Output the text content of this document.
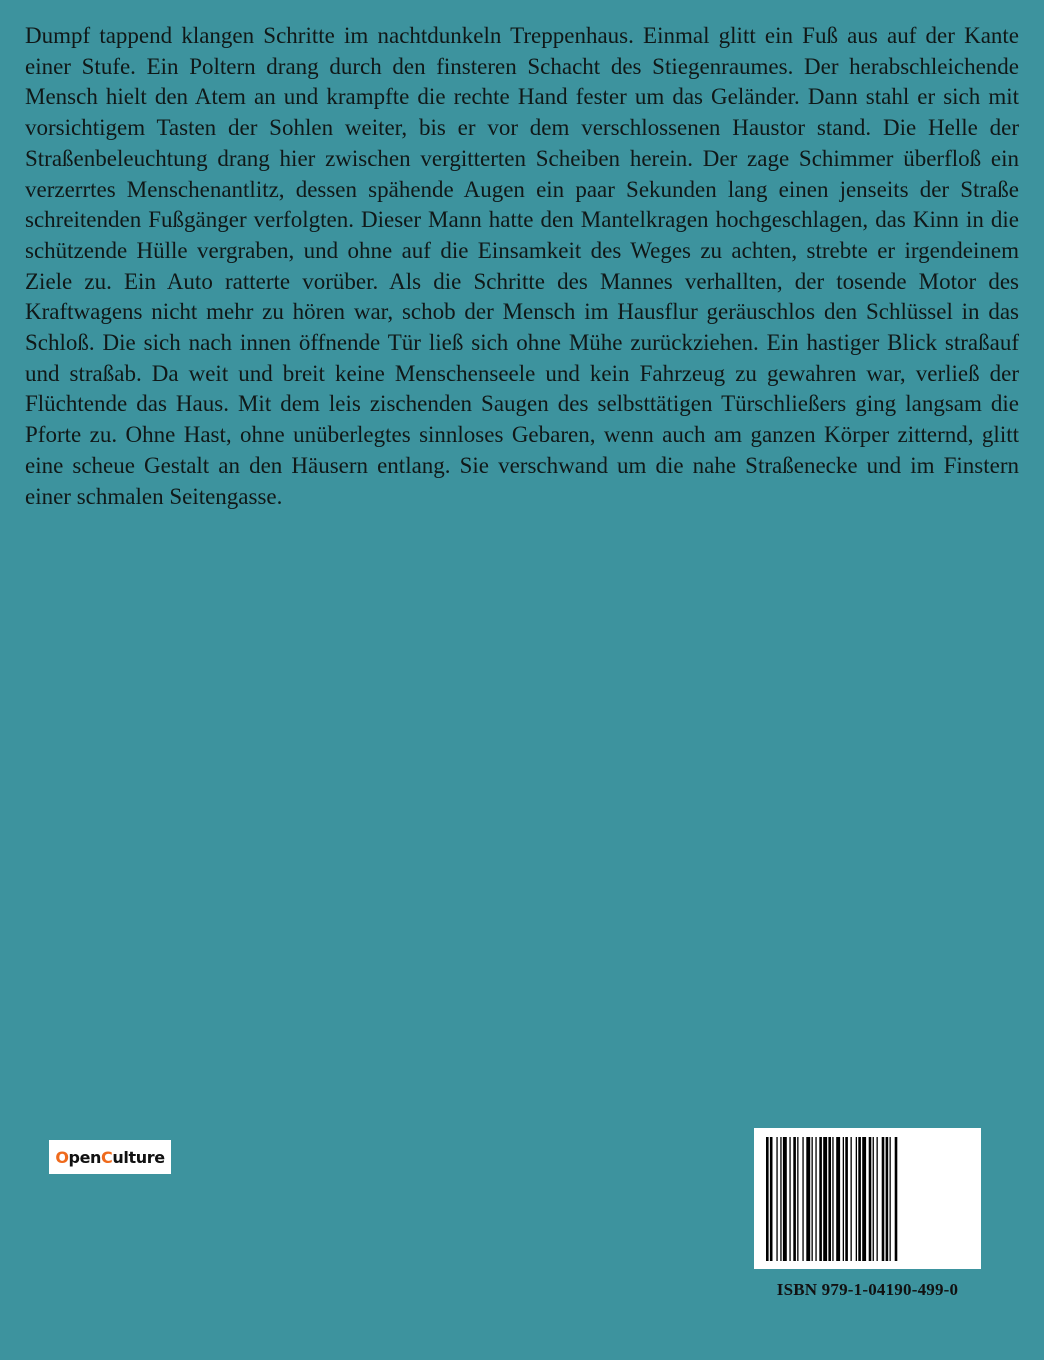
Dumpf tappend klangen Schritte im nachtdunkeln Treppenhaus. Einmal glitt ein Fuß aus auf der Kante einer Stufe. Ein Poltern drang durch den finsteren Schacht des Stiegenraumes. Der herabschleichende Mensch hielt den Atem an und krampfte die rechte Hand fester um das Geländer. Dann stahl er sich mit vorsichtigem Tasten der Sohlen weiter, bis er vor dem verschlossenen Haustor stand. Die Helle der Straßenbeleuchtung drang hier zwischen vergitterten Scheiben herein. Der zage Schimmer überfloß ein verzerrtes Menschenantlitz, dessen spähende Augen ein paar Sekunden lang einen jenseits der Straße schreitenden Fußgänger verfolgten. Dieser Mann hatte den Mantelkragen hochgeschlagen, das Kinn in die schützende Hülle vergraben, und ohne auf die Einsamkeit des Weges zu achten, strebte er irgendeinem Ziele zu. Ein Auto ratterte vorüber. Als die Schritte des Mannes verhallten, der tosende Motor des Kraftwagens nicht mehr zu hören war, schob der Mensch im Hausflur geräuschlos den Schlüssel in das Schloß. Die sich nach innen öffnende Tür ließ sich ohne Mühe zurückziehen. Ein hastiger Blick straßauf und straßab. Da weit und breit keine Menschenseele und kein Fahrzeug zu gewahren war, verließ der Flüchtende das Haus. Mit dem leis zischenden Saugen des selbsttätigen Türschließers ging langsam die Pforte zu. Ohne Hast, ohne unüberlegtes sinnloses Gebaren, wenn auch am ganzen Körper zitternd, glitt eine scheue Gestalt an den Häusern entlang. Sie verschwand um die nahe Straßenecke und im Finstern einer schmalen Seitengasse.

O pen C ulture
ISBN 979-1-04190-499-0
